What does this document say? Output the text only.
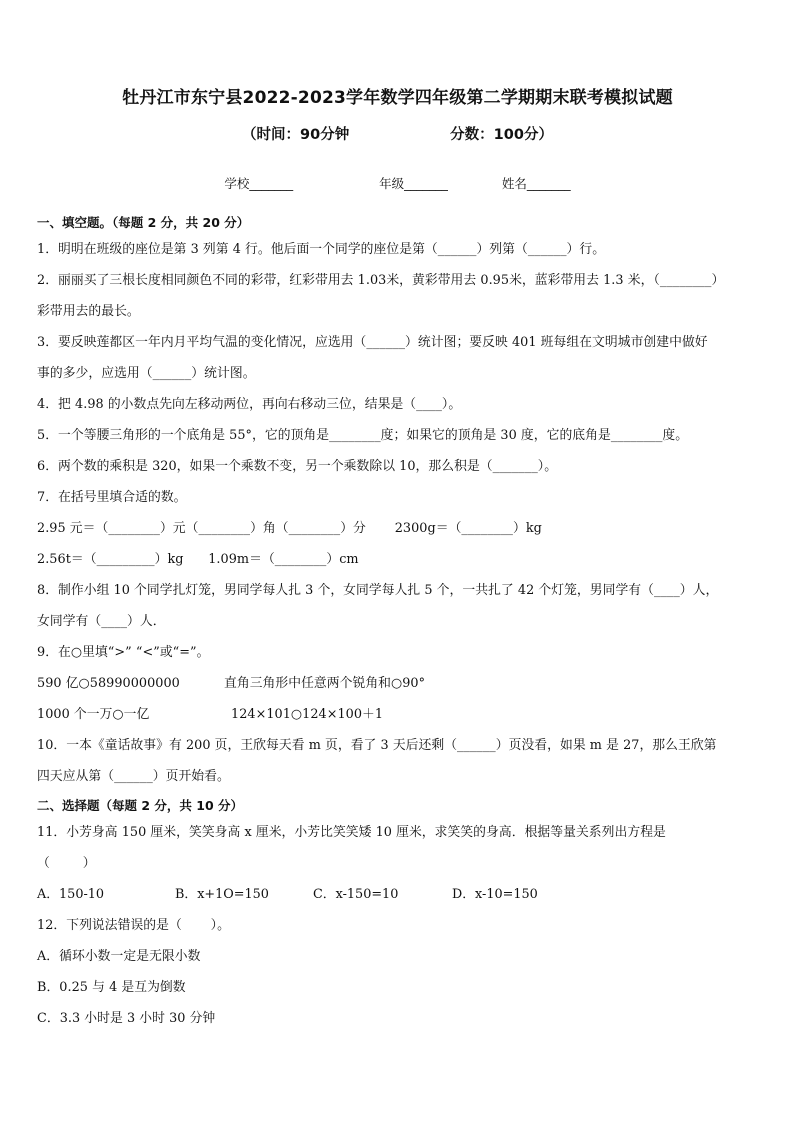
牡丹江市东宁县2022-2023学年数学四年级第二学期期末联考模拟试题
（时间：90分钟                    分数：100分）
学校_______	年级_______	姓名_______
一、填空题。（每题 2 分，共 20 分）
1．明明在班级的座位是第 3 列第 4 行。他后面一个同学的座位是第（______）列第（______）行。
2．丽丽买了三根长度相同颜色不同的彩带，红彩带用去 1.03米，黄彩带用去 0.95米，蓝彩带用去 1.3 米，（________）
彩带用去的最长。
3．要反映莲都区一年内月平均气温的变化情况，应选用（______）统计图；要反映 401 班每组在文明城市创建中做好
事的多少，应选用（______）统计图。
4．把 4.98 的小数点先向左移动两位，再向右移动三位，结果是（____）。
5．一个等腰三角形的一个底角是 55°，它的顶角是________度；如果它的顶角是 30 度，它的底角是________度。
6．两个数的乘积是 320，如果一个乘数不变，另一个乘数除以 10，那么积是（_______）。
7．在括号里填合适的数。
2.95 元＝（________）元（________）角（________）分       2300g＝（________）kg
2.56t＝（_________）kg      1.09m＝（________）cm
8．制作小组 10 个同学扎灯笼，男同学每人扎 3 个，女同学每人扎 5 个，一共扎了 42 个灯笼，男同学有（____）人，
女同学有（____）人．
9．在○里填“>” “<”或“=”。
590 亿○58990000000	直角三角形中任意两个锐角和○90°
1000 个一万○一亿	124×101○124×100＋1
10．一本《童话故事》有 200 页，王欣每天看 m 页，看了 3 天后还剩（______）页没看，如果 m 是 27，那么王欣第
四天应从第（______）页开始看。
二、选择题（每题 2 分，共 10 分）
11．小芳身高 150 厘米，笑笑身高 x 厘米，小芳比笑笑矮 10 厘米，求笑笑的身高．根据等量关系列出方程是
（        ）
A．150-10	B．x+1O=150	C．x-150=10	D．x-10=150
12．下列说法错误的是（       ）。
A．循环小数一定是无限小数
B．0.25 与 4 是互为倒数
C．3.3 小时是 3 小时 30 分钟
